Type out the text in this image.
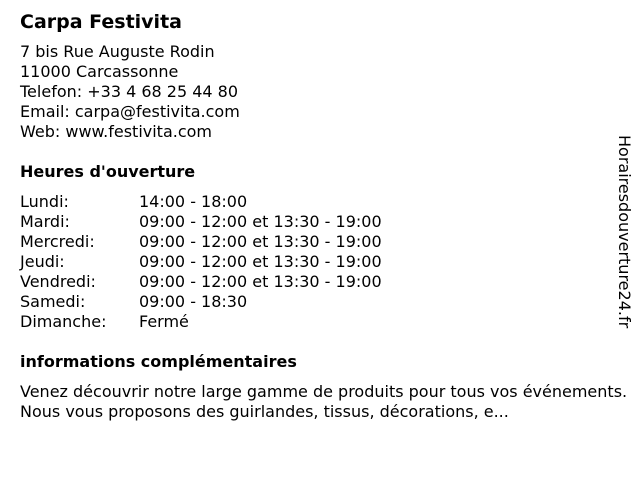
Carpa Festivita
7 bis Rue Auguste Rodin
11000 Carcassonne
Telefon: +33 4 68 25 44 80
Email: carpa@festivita.com
Web: www.festivita.com
Heures d'ouverture
Lundi:	14:00 - 18:00
Mardi:	09:00 - 12:00 et 13:30 - 19:00
Mercredi:	09:00 - 12:00 et 13:30 - 19:00
Jeudi:	09:00 - 12:00 et 13:30 - 19:00
Vendredi:	09:00 - 12:00 et 13:30 - 19:00
Samedi:	09:00 - 18:30
Dimanche:	Fermé
informations complémentaires
Venez découvrir notre large gamme de produits pour tous vos événements. Nous vous proposons des guirlandes, tissus, décorations, e...
Horairesdouverture24.fr
